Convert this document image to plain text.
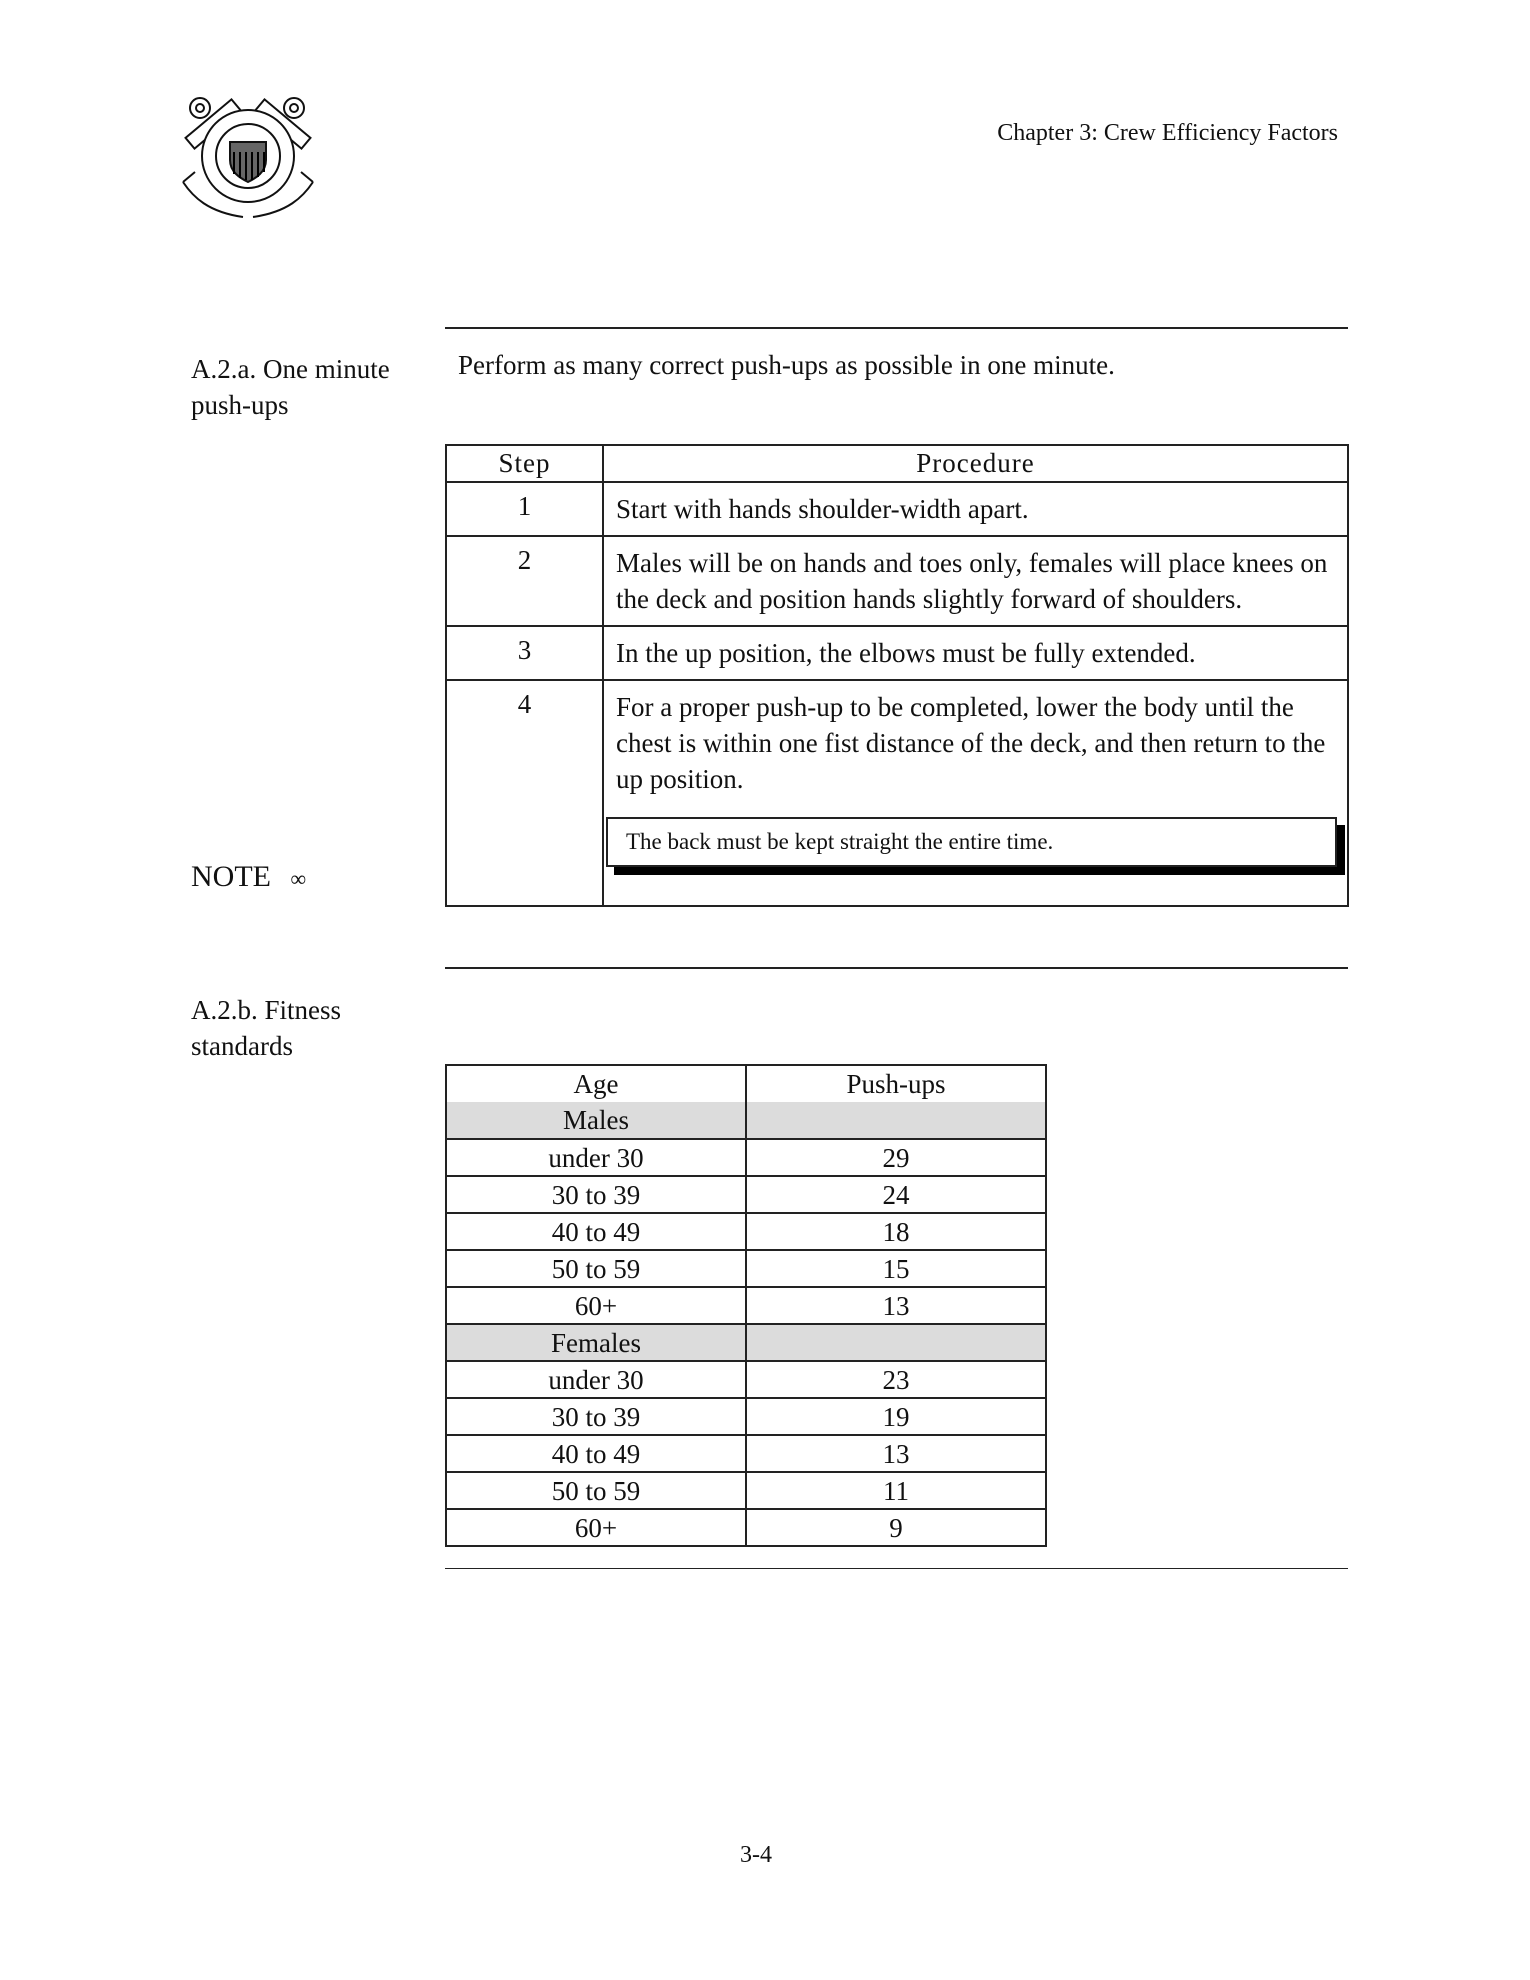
Chapter 3: Crew Efficiency Factors
A.2.a. One minute
push-ups
Perform as many correct push-ups as possible in one minute.
Step	Procedure
1	Start with hands shoulder-width apart.
2	Males will be on hands and toes only, females will place knees on the deck and position hands slightly forward of shoulders.
3	In the up position, the elbows must be fully extended.
4	For a proper push-up to be completed, lower the body until the chest is within one fist distance of the deck, and then return to the up position.
The back must be kept straight the entire time.
NOTE ∞
A.2.b. Fitness
standards
Age	Push-ups
Males	
under 30	29
30 to 39	24
40 to 49	18
50 to 59	15
60+	13
Females	
under 30	23
30 to 39	19
40 to 49	13
50 to 59	11
60+	9
3-4
